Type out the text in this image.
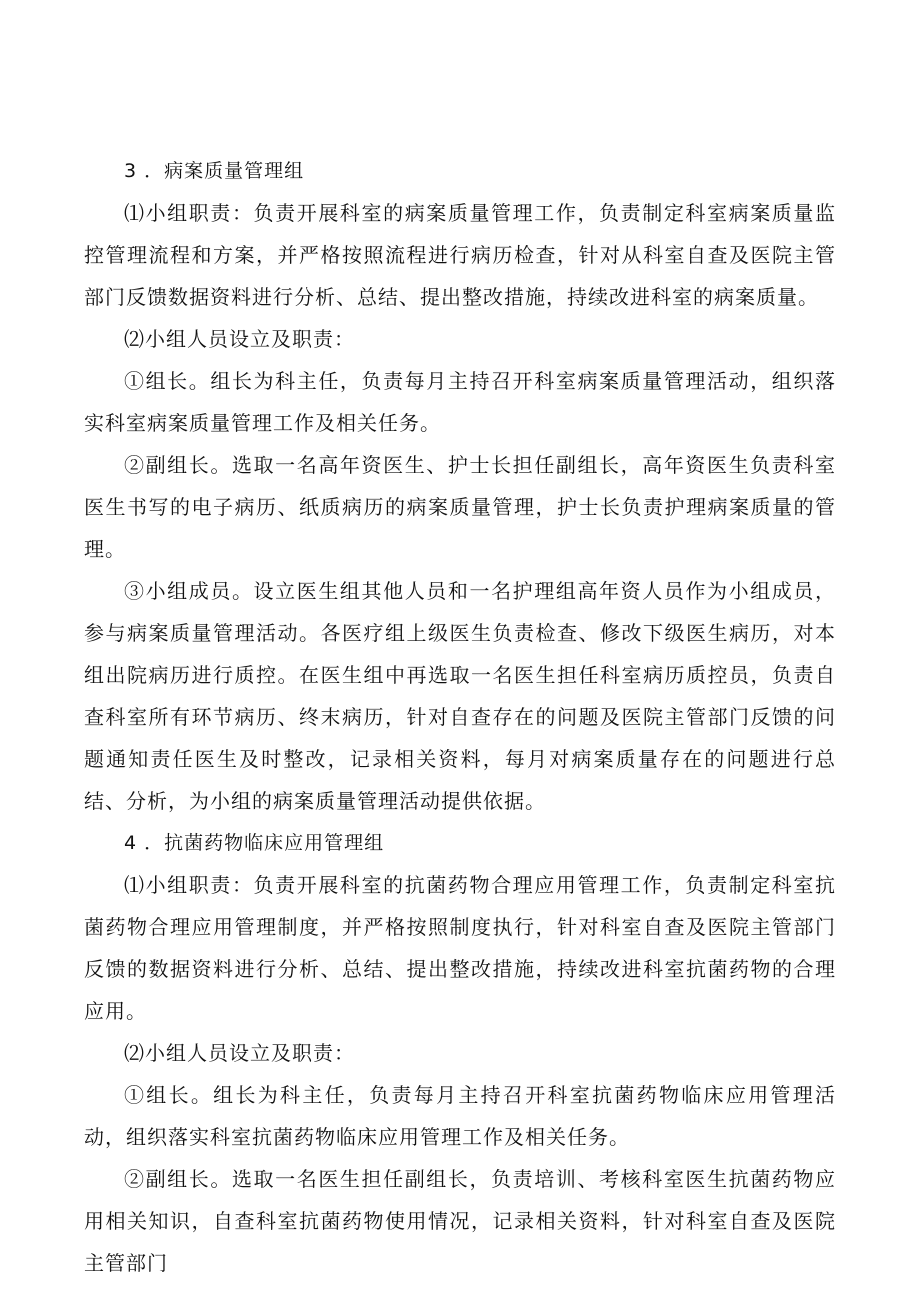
3 ．病案质量管理组

⑴小组职责：负责开展科室的病案质量管理工作，负责制定科室病案质量监控管理流程和方案，并严格按照流程进行病历检查，针对从科室自查及医院主管部门反馈数据资料进行分析、总结、提出整改措施，持续改进科室的病案质量。

⑵小组人员设立及职责：

①组长。组长为科主任，负责每月主持召开科室病案质量管理活动，组织落实科室病案质量管理工作及相关任务。

②副组长。选取一名高年资医生、护士长担任副组长，高年资医生负责科室医生书写的电子病历、纸质病历的病案质量管理，护士长负责护理病案质量的管理。

③小组成员。设立医生组其他人员和一名护理组高年资人员作为小组成员，参与病案质量管理活动。各医疗组上级医生负责检查、修改下级医生病历，对本组出院病历进行质控。在医生组中再选取一名医生担任科室病历质控员，负责自查科室所有环节病历、终末病历，针对自查存在的问题及医院主管部门反馈的问题通知责任医生及时整改，记录相关资料，每月对病案质量存在的问题进行总结、分析，为小组的病案质量管理活动提供依据。

4 ．抗菌药物临床应用管理组

⑴小组职责：负责开展科室的抗菌药物合理应用管理工作，负责制定科室抗菌药物合理应用管理制度，并严格按照制度执行，针对科室自查及医院主管部门反馈的数据资料进行分析、总结、提出整改措施，持续改进科室抗菌药物的合理应用。

⑵小组人员设立及职责：

①组长。组长为科主任，负责每月主持召开科室抗菌药物临床应用管理活动，组织落实科室抗菌药物临床应用管理工作及相关任务。

②副组长。选取一名医生担任副组长，负责培训、考核科室医生抗菌药物应用相关知识，自查科室抗菌药物使用情况，记录相关资料，针对科室自查及医院主管部门
